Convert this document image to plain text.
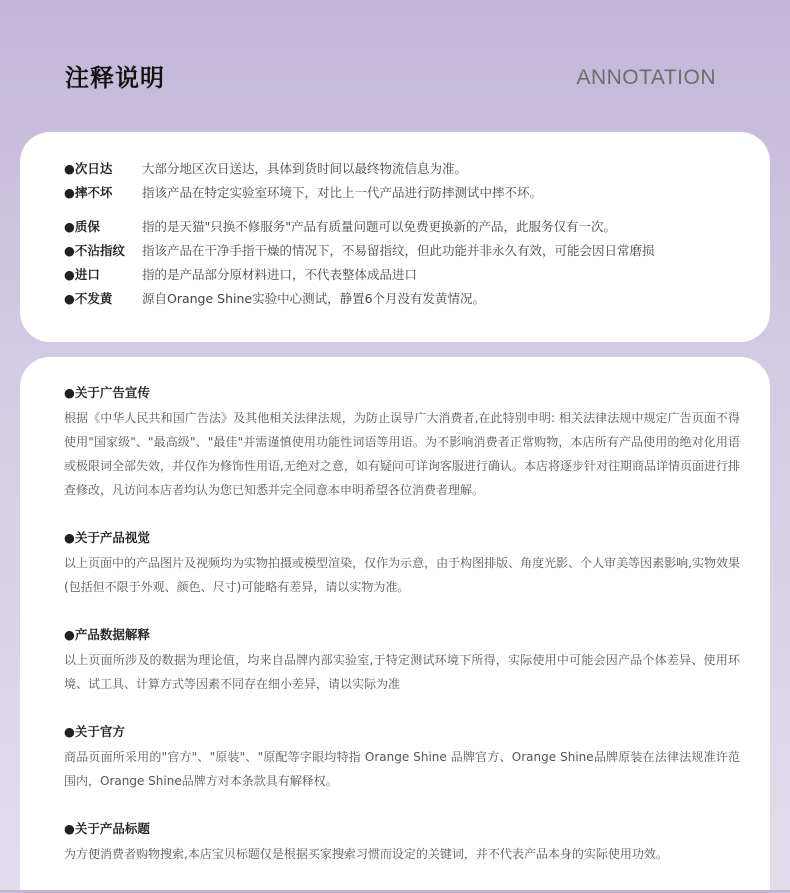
注释说明	ANNOTATION
●次日达	大部分地区次日送达，具体到货时间以最终物流信息为准。
●摔不坏	指该产品在特定实验室环境下，对比上一代产品进行防摔测试中摔不坏。
●质保	指的是天猫"只换不修服务"产品有质量问题可以免费更换新的产品，此服务仅有一次。
●不沾指纹	指该产品在干净手指干燥的情况下，不易留指纹，但此功能并非永久有效，可能会因日常磨损
●进口	指的是产品部分原材料进口，不代表整体成品进口
●不发黄	源自Orange Shine实验中心测试，静置6个月没有发黄情况。
●关于广告宣传
根据《中华人民共和国广告法》及其他相关法律法规，为防止误导广大消费者,在此特别申明: 相关法律法规中规定广告页面不得使用"国家级"、"最高级"、"最佳"并需谨慎使用功能性词语等用语。为不影响消费者正常购物，本店所有产品使用的绝对化用语或极限词全部失效，并仅作为修饰性用语,无绝对之意，如有疑问可详询客服进行确认。本店将逐步针对往期商品详情页面进行排查修改，凡访问本店者均认为您已知悉并完全同意本申明希望各位消费者理解。
●关于产品视觉
以上页面中的产品图片及视频均为实物拍摄或模型渲染，仅作为示意，由于构图排版、角度光影、个人审美等因素影响,实物效果(包括但不限于外观、颜色、尺寸)可能略有差异，请以实物为准。
●产品数据解释
以上页面所涉及的数据为理论值，均来自品牌内部实验室,于特定测试环境下所得，实际使用中可能会因产品个体差异、使用环境、试工具、计算方式等因素不同存在细小差异，请以实际为准
●关于官方
商品页面所采用的"官方"、"原装"、"原配等字眼均特指 Orange Shine 品牌官方、Orange Shine品牌原装在法律法规准许范围内，Orange Shine品牌方对本条款具有解释权。
●关于产品标题
为方便消费者购物搜索,本店宝贝标题仅是根据买家搜索习惯而设定的关键词，并不代表产品本身的实际使用功效。
